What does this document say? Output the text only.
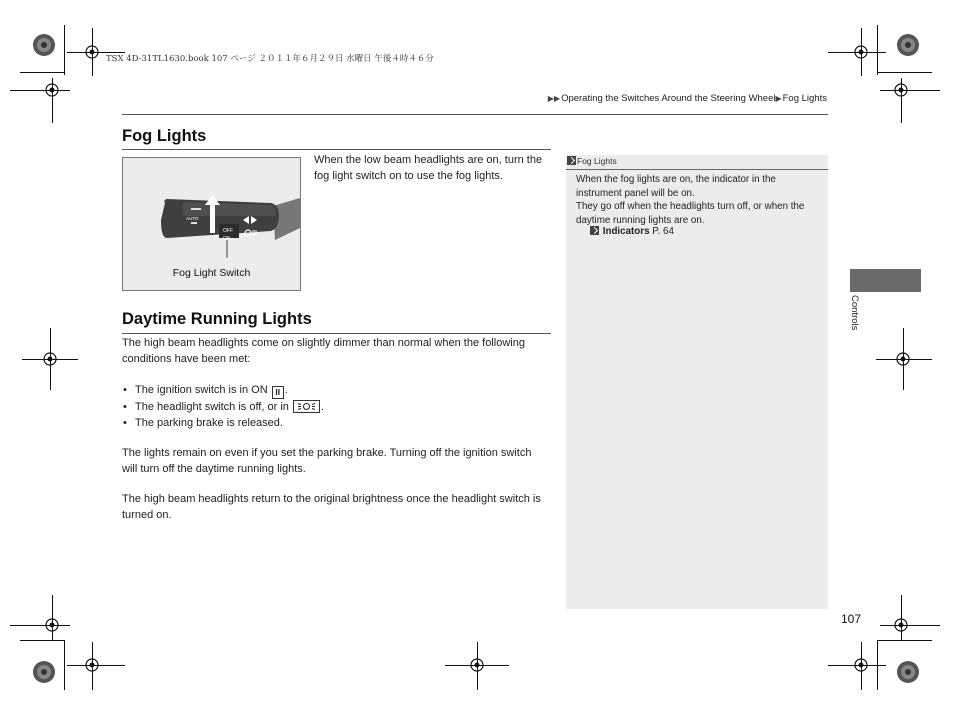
TSX 4D-31TL1630.book 107 ページ ２０１１年６月２９日 水曜日 午後４時４６分
▶▶Operating the Switches Around the Steering Wheel▶Fog Lights
Fog Lights
OFF
ON
AUTO
Fog Light Switch
When the low beam headlights are on, turn the fog light switch on to use the fog lights.
Daytime Running Lights
The high beam headlights come on slightly dimmer than normal when the following conditions have been met:
• The ignition switch is in ON II .
• The headlight switch is off, or in	.
• The parking brake is released.
The lights remain on even if you set the parking brake. Turning off the ignition switch will turn off the daytime running lights.
The high beam headlights return to the original brightness once the headlight switch is turned on.
Fog Lights
When the fog lights are on, the indicator in the instrument panel will be on.
They go off when the headlights turn off, or when the daytime running lights are on.
Indicators P. 64
Controls
107
